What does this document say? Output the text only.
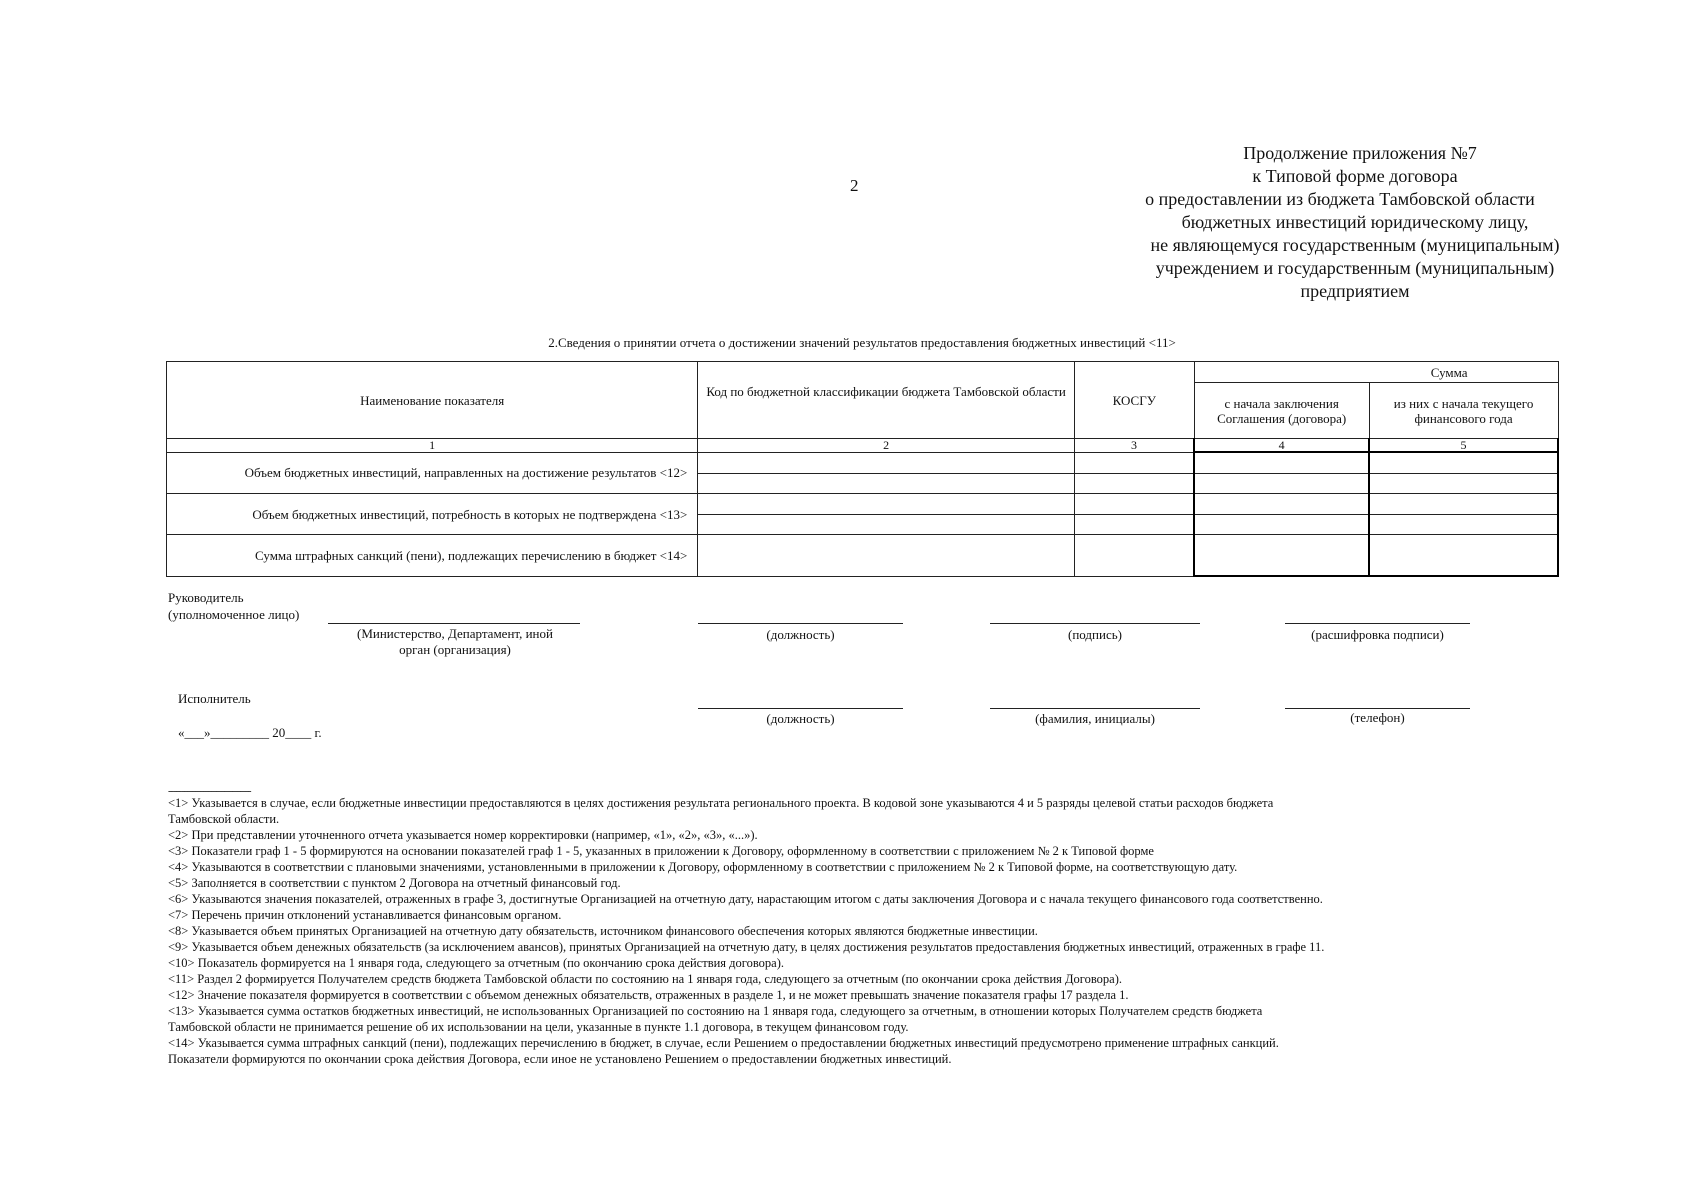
2
Продолжение приложения №7
к Типовой форме договора
о предоставлении из бюджета Тамбовской области
бюджетных инвестиций юридическому лицу,
не являющемуся государственным (муниципальным)
учреждением и государственным (муниципальным)
предприятием
2.Сведения о принятии отчета о достижении значений результатов предоставления бюджетных инвестиций <11>
Наименование показателя	Код по бюджетной классификации бюджета Тамбовской области	КОСГУ	Сумма	
			с начала заключения Соглашения (договора)	из них с начала текущего финансового года
1	2	3	4	5
Объем бюджетных инвестиций, направленных на достижение результатов <12>	

Объем бюджетных инвестиций, потребность в которых не подтверждена <13>	

Сумма штрафных санкций (пени), подлежащих перечислению в бюджет <14>				
Руководитель
(уполномоченное лицо)
(Министерство, Департамент, иной
орган (организация)
(должность)	(подпись)	(расшифровка подписи)
Исполнитель
(должность)	(фамилия, инициалы)	(телефон)
«___»_________ 20____ г.
-------------------------------
<1> Указывается в случае, если бюджетные инвестиции предоставляются в целях достижения результата регионального проекта. В кодовой зоне указываются 4 и 5 разряды целевой статьи расходов бюджета
Тамбовской области.
<2> При представлении уточненного отчета указывается номер корректировки (например, «1», «2», «3», «...»).
<3> Показатели граф 1 - 5 формируются на основании показателей граф 1 - 5, указанных в приложении к Договору, оформленному в соответствии с приложением № 2 к Типовой форме
<4> Указываются в соответствии с плановыми значениями, установленными в приложении к Договору, оформленному в соответствии с приложением № 2 к Типовой форме, на соответствующую дату.
<5> Заполняется в соответствии с пунктом 2 Договора на отчетный финансовый год.
<6> Указываются значения показателей, отраженных в графе 3, достигнутые Организацией на отчетную дату, нарастающим итогом с даты заключения Договора и с начала текущего финансового года соответственно.
<7> Перечень причин отклонений устанавливается финансовым органом.
<8> Указывается объем принятых Организацией на отчетную дату обязательств, источником финансового обеспечения которых являются бюджетные инвестиции.
<9> Указывается объем денежных обязательств (за исключением авансов), принятых Организацией на отчетную дату, в целях достижения результатов предоставления бюджетных инвестиций, отраженных в графе 11.
<10> Показатель формируется на 1 января года, следующего за отчетным (по окончанию срока действия договора).
<11> Раздел 2 формируется Получателем средств бюджета Тамбовской области по состоянию на 1 января года, следующего за отчетным (по окончании срока действия Договора).
<12> Значение показателя формируется в соответствии с объемом денежных обязательств, отраженных в разделе 1, и не может превышать значение показателя графы 17 раздела 1.
<13> Указывается сумма остатков бюджетных инвестиций, не использованных Организацией по состоянию на 1 января года, следующего за отчетным, в отношении которых Получателем средств бюджета
Тамбовской области не принимается решение об их использовании на цели, указанные в пункте 1.1 договора, в текущем финансовом году.
<14> Указывается сумма штрафных санкций (пени), подлежащих перечислению в бюджет, в случае, если Решением о предоставлении бюджетных инвестиций предусмотрено применение штрафных санкций.
Показатели формируются по окончании срока действия Договора, если иное не установлено Решением о предоставлении бюджетных инвестиций.
